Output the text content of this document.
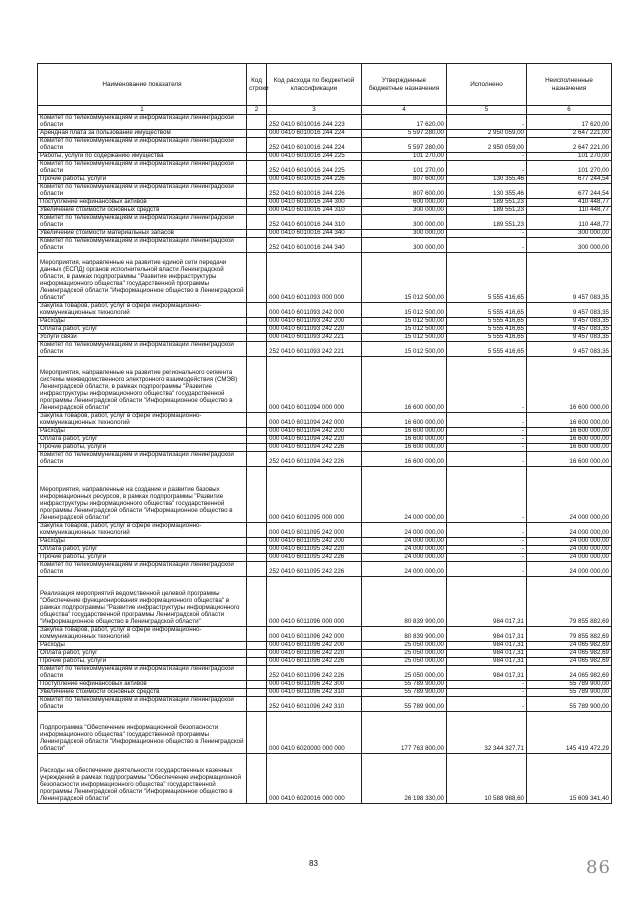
Наименование показателя	Код строки	Код расхода по бюджетной классификации	Утвержденные бюджетные назначения	Исполнено	Неисполненные назначения
1	2	3	4	5	6
Комитет по телекоммуникациям и информатизации Ленинградской области		252 0410 6010016 244 223	17 620,00	-	17 620,00
Арендная плата за пользование имуществом		000 0410 6010016 244 224	5 597 280,00	2 950 059,00	2 647 221,00
Комитет по телекоммуникациям и информатизации Ленинградской области		252 0410 6010016 244 224	5 597 280,00	2 950 059,00	2 647 221,00
Работы, услуги по содержанию имущества		000 0410 6010016 244 225	101 270,00	-	101 270,00
Комитет по телекоммуникациям и информатизации Ленинградской области		252 0410 6010016 244 225	101 270,00	-	101 270,00
Прочие работы, услуги		000 0410 6010016 244 226	807 600,00	130 355,46	677 244,54
Комитет по телекоммуникациям и информатизации Ленинградской области		252 0410 6010016 244 226	807 600,00	130 355,46	677 244,54
Поступление нефинансовых активов		000 0410 6010016 244 300	600 000,00	189 551,23	410 448,77
Увеличение стоимости основных средств		000 0410 6010016 244 310	300 000,00	189 551,23	110 448,77
Комитет по телекоммуникациям и информатизации Ленинградской области		252 0410 6010016 244 310	300 000,00	189 551,23	110 448,77
Увеличение стоимости материальных запасов		000 0410 6010016 244 340	300 000,00	-	300 000,00
Комитет по телекоммуникациям и информатизации Ленинградской области		252 0410 6010016 244 340	300 000,00	-	300 000,00
Мероприятия, направленные на развитие единой сети передачи данных (ЕСПД) органов исполнительной власти Ленинградской области, в рамках подпрограммы "Развитие инфраструктуры информационного общества" государственной программы Ленинградской области "Информационное общество в Ленинградской области"		000 0410 6011093 000 000	15 012 500,00	5 555 416,65	9 457 083,35
Закупка товаров, работ, услуг в сфере информационно-коммуникационных технологий		000 0410 6011093 242 000	15 012 500,00	5 555 416,65	9 457 083,35
Расходы		000 0410 6011093 242 200	15 012 500,00	5 555 416,65	9 457 083,35
Оплата работ, услуг		000 0410 6011093 242 220	15 012 500,00	5 555 416,65	9 457 083,35
Услуги связи		000 0410 6011093 242 221	15 012 500,00	5 555 416,65	9 457 083,35
Комитет по телекоммуникациям и информатизации Ленинградской области		252 0410 6011093 242 221	15 012 500,00	5 555 416,65	9 457 083,35
Мероприятия, направленные на развитие регионального сегмента системы межведомственного электронного взаимодействия (СМЭВ) Ленинградской области, в рамках подпрограммы "Развитие инфраструктуры информационного общества" государственной программы Ленинградской области "Информационное общество в Ленинградской области"		000 0410 6011094 000 000	16 600 000,00	-	16 600 000,00
Закупка товаров, работ, услуг в сфере информационно-коммуникационных технологий		000 0410 6011094 242 000	16 600 000,00	-	16 600 000,00
Расходы		000 0410 6011094 242 200	16 600 000,00	-	16 600 000,00
Оплата работ, услуг		000 0410 6011094 242 220	16 600 000,00	-	16 600 000,00
Прочие работы, услуги		000 0410 6011094 242 226	16 600 000,00	-	16 600 000,00
Комитет по телекоммуникациям и информатизации Ленинградской области		252 0410 6011094 242 226	16 600 000,00	-	16 600 000,00
Мероприятия, направленные на создание и развитие базовых информационных ресурсов, в рамках подпрограммы "Развитие инфраструктуры информационного общества" государственной программы Ленинградской области "Информационное общество в Ленинградской области"		000 0410 6011095 000 000	24 000 000,00	-	24 000 000,00
Закупка товаров, работ, услуг в сфере информационно-коммуникационных технологий		000 0410 6011095 242 000	24 000 000,00	-	24 000 000,00
Расходы		000 0410 6011095 242 200	24 000 000,00	-	24 000 000,00
Оплата работ, услуг		000 0410 6011095 242 220	24 000 000,00	-	24 000 000,00
Прочие работы, услуги		000 0410 6011095 242 226	24 000 000,00	-	24 000 000,00
Комитет по телекоммуникациям и информатизации Ленинградской области		252 0410 6011095 242 226	24 000 000,00	-	24 000 000,00
Реализация мероприятий ведомственной целевой программы "Обеспечение функционирования информационного общества" в рамках подпрограммы "Развитие инфраструктуры информационного общества" государственной программы Ленинградской области "Информационное общество в Ленинградской области"		000 0410 6011096 000 000	80 839 900,00	984 017,31	79 855 882,69
Закупка товаров, работ, услуг в сфере информационно-коммуникационных технологий		000 0410 6011096 242 000	80 839 900,00	984 017,31	79 855 882,69
Расходы		000 0410 6011096 242 200	25 050 000,00	984 017,31	24 065 982,69
Оплата работ, услуг		000 0410 6011096 242 220	25 050 000,00	984 017,31	24 065 982,69
Прочие работы, услуги		000 0410 6011096 242 226	25 050 000,00	984 017,31	24 065 982,69
Комитет по телекоммуникациям и информатизации Ленинградской области		252 0410 6011096 242 226	25 050 000,00	984 017,31	24 065 982,69
Поступление нефинансовых активов		000 0410 6011096 242 300	55 789 900,00	-	55 789 900,00
Увеличение стоимости основных средств		000 0410 6011096 242 310	55 789 900,00	-	55 789 900,00
Комитет по телекоммуникациям и информатизации Ленинградской области		252 0410 6011096 242 310	55 789 900,00	-	55 789 900,00
Подпрограмма "Обеспечение информационной безопасности информационного общества" государственной программы Ленинградской области "Информационное общество в Ленинградской области"		000 0410 6020000 000 000	177 763 800,00	32 344 327,71	145 419 472,29
Расходы на обеспечение деятельности государственных казенных учреждений в рамках подпрограммы "Обеспечение информационной безопасности информационного общества" государственной программы Ленинградской области "Информационное общество в Ленинградской области"		000 0410 6020016 000 000	26 198 330,00	10 588 988,60	15 609 341,40
83	86
